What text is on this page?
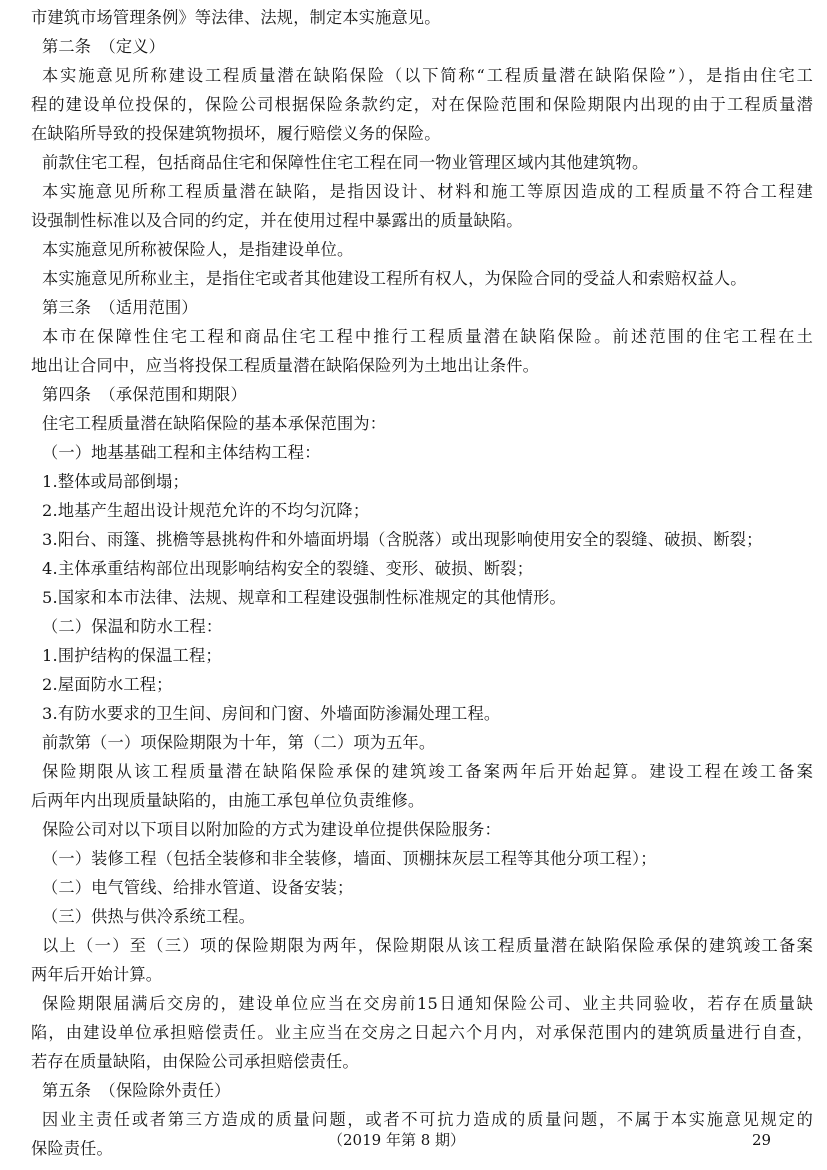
市建筑市场管理条例》等法律、法规，制定本实施意见。
第二条　（定义）
本实施意见所称建设工程质量潜在缺陷保险（以下简称“工程质量潜在缺陷保险”），是指由住宅工
程的建设单位投保的，保险公司根据保险条款约定，对在保险范围和保险期限内出现的由于工程质量潜
在缺陷所导致的投保建筑物损坏，履行赔偿义务的保险。
前款住宅工程，包括商品住宅和保障性住宅工程在同一物业管理区域内其他建筑物。
本实施意见所称工程质量潜在缺陷，是指因设计、材料和施工等原因造成的工程质量不符合工程建
设强制性标准以及合同的约定，并在使用过程中暴露出的质量缺陷。
本实施意见所称被保险人，是指建设单位。
本实施意见所称业主，是指住宅或者其他建设工程所有权人，为保险合同的受益人和索赔权益人。
第三条　（适用范围）
本市在保障性住宅工程和商品住宅工程中推行工程质量潜在缺陷保险。前述范围的住宅工程在土
地出让合同中，应当将投保工程质量潜在缺陷保险列为土地出让条件。
第四条　（承保范围和期限）
住宅工程质量潜在缺陷保险的基本承保范围为：
（一）地基基础工程和主体结构工程：
1.整体或局部倒塌；
2.地基产生超出设计规范允许的不均匀沉降；
3.阳台、雨篷、挑檐等悬挑构件和外墙面坍塌（含脱落）或出现影响使用安全的裂缝、破损、断裂；
4.主体承重结构部位出现影响结构安全的裂缝、变形、破损、断裂；
5.国家和本市法律、法规、规章和工程建设强制性标准规定的其他情形。
（二）保温和防水工程：
1.围护结构的保温工程；
2.屋面防水工程；
3.有防水要求的卫生间、房间和门窗、外墙面防渗漏处理工程。
前款第（一）项保险期限为十年，第（二）项为五年。
保险期限从该工程质量潜在缺陷保险承保的建筑竣工备案两年后开始起算。建设工程在竣工备案
后两年内出现质量缺陷的，由施工承包单位负责维修。
保险公司对以下项目以附加险的方式为建设单位提供保险服务：
（一）装修工程（包括全装修和非全装修，墙面、顶棚抹灰层工程等其他分项工程）；
（二）电气管线、给排水管道、设备安装；
（三）供热与供冷系统工程。
以上（一）至（三）项的保险期限为两年，保险期限从该工程质量潜在缺陷保险承保的建筑竣工备案
两年后开始计算。
保险期限届满后交房的，建设单位应当在交房前15日通知保险公司、业主共同验收，若存在质量缺
陷，由建设单位承担赔偿责任。业主应当在交房之日起六个月内，对承保范围内的建筑质量进行自查，
若存在质量缺陷，由保险公司承担赔偿责任。
第五条　（保险除外责任）
因业主责任或者第三方造成的质量问题，或者不可抗力造成的质量问题，不属于本实施意见规定的
保险责任。	（2019 年第 8 期）	29
